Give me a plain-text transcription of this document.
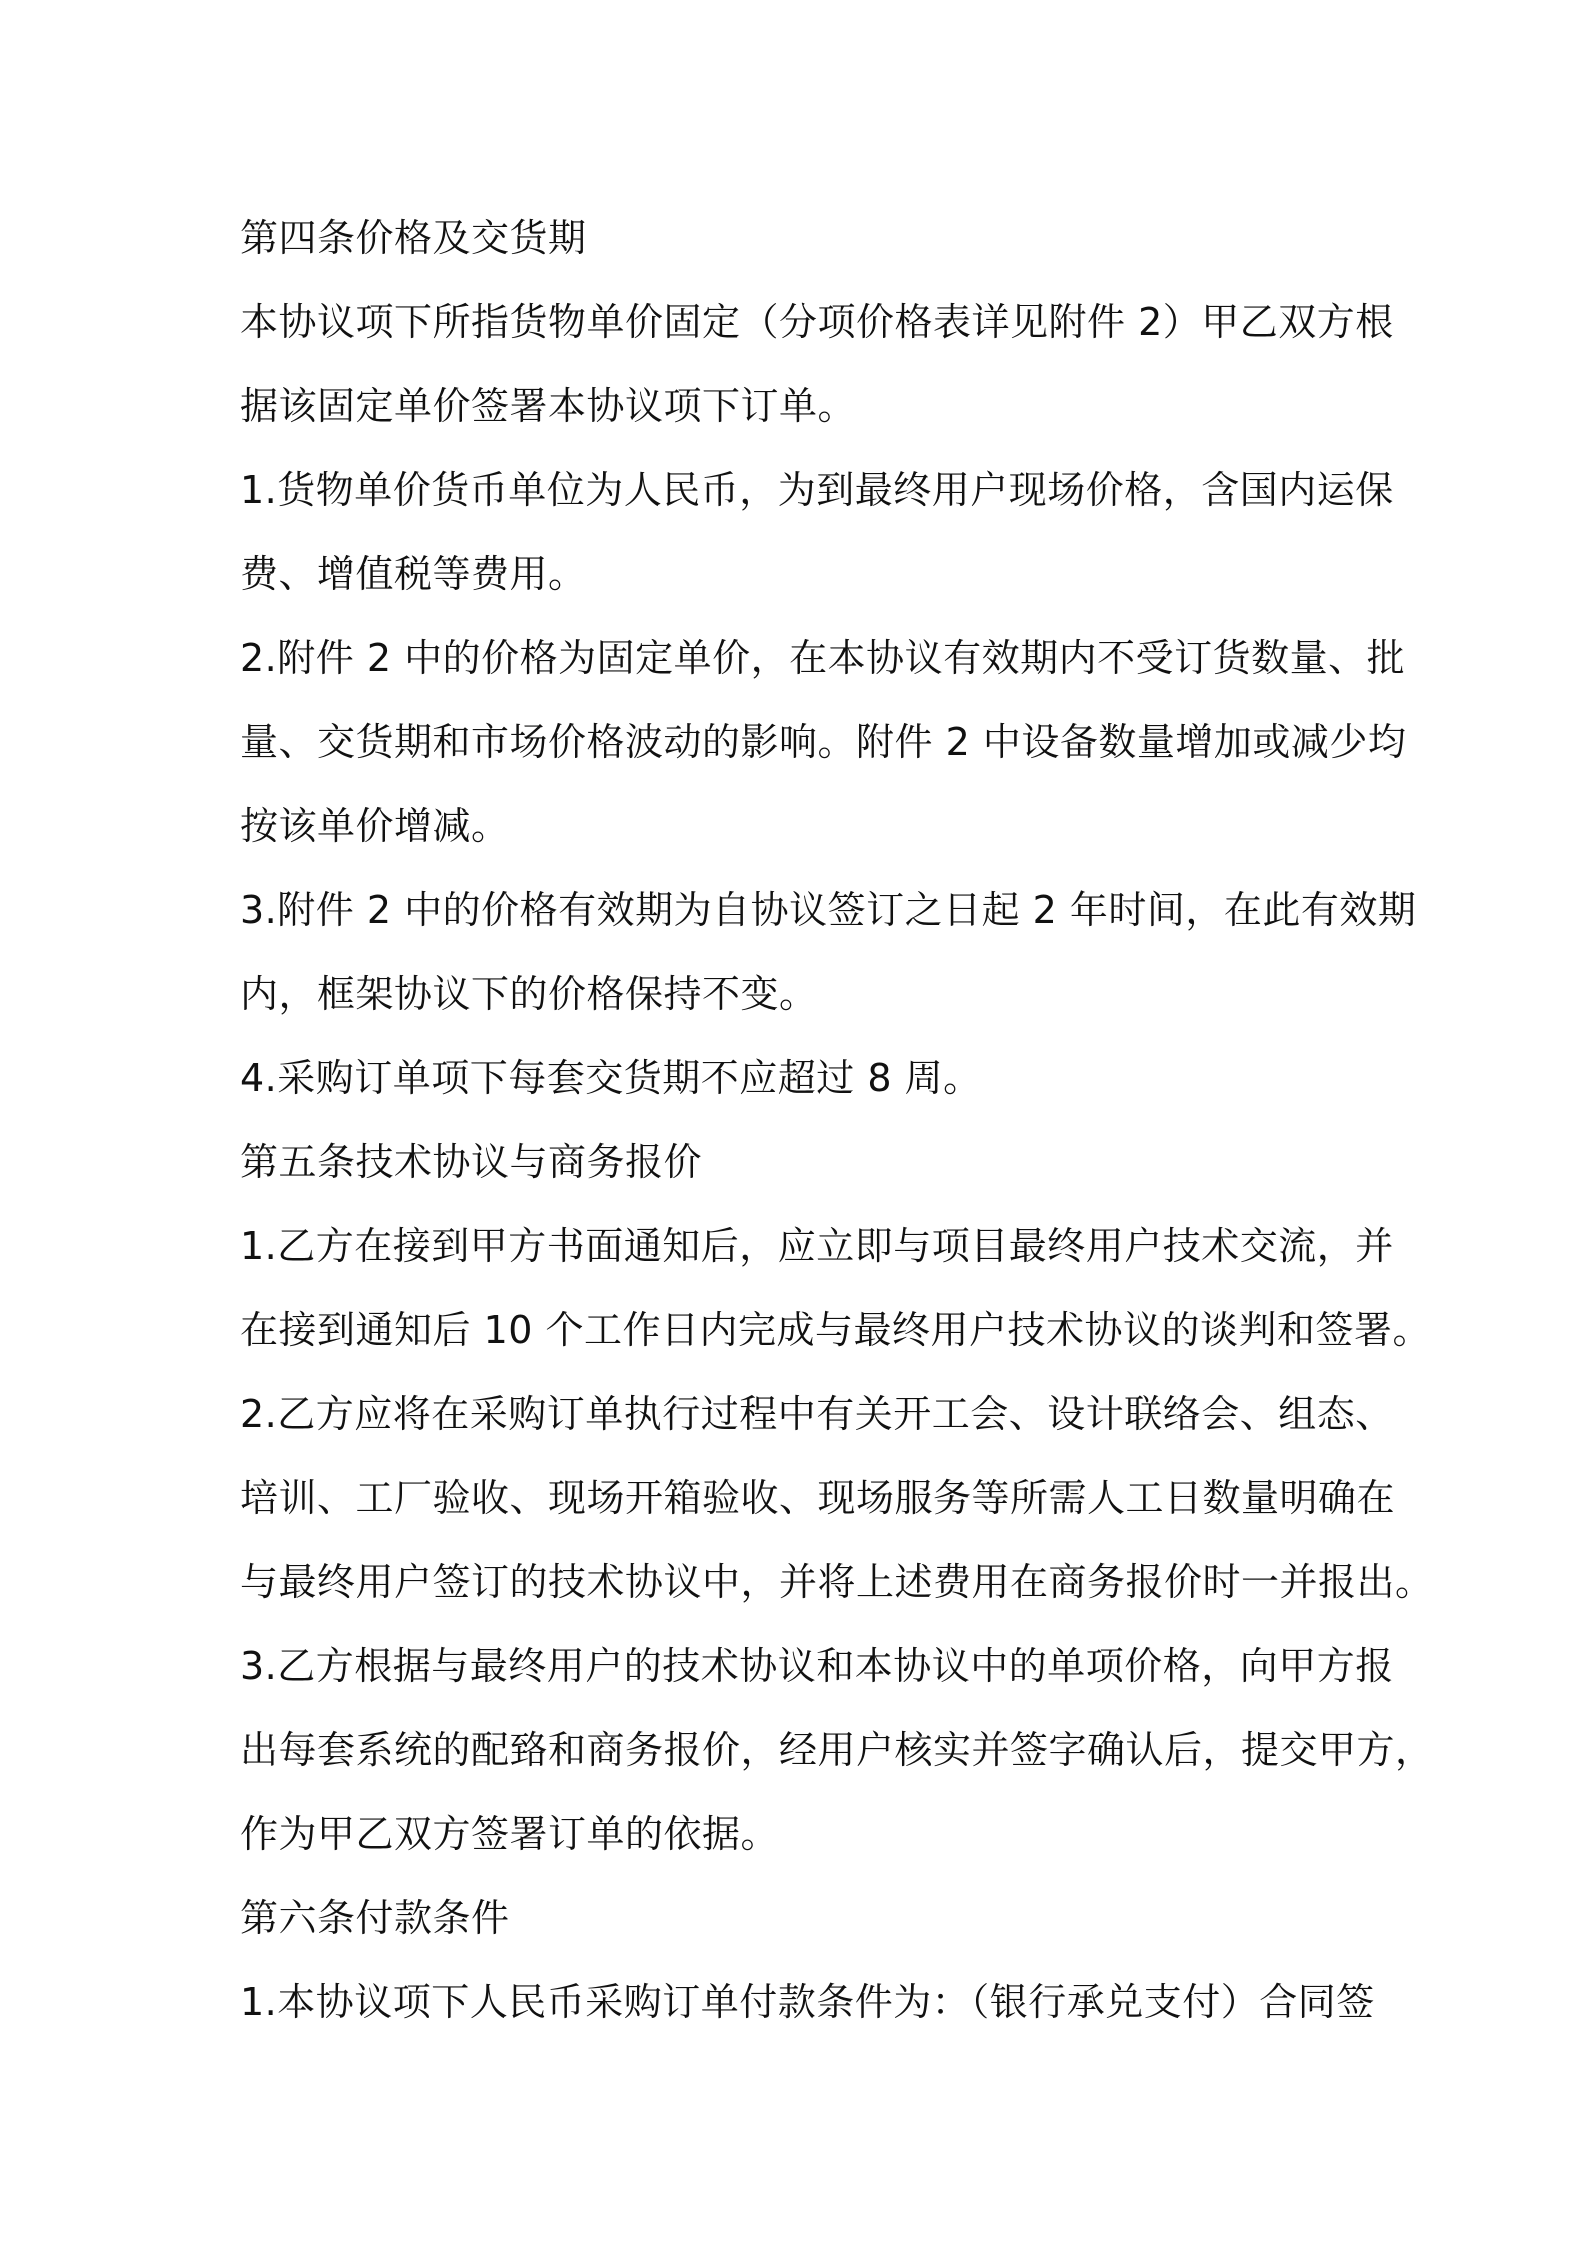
第四条价格及交货期
本协议项下所指货物单价固定（分项价格表详见附件 2）甲乙双方根
据该固定单价签署本协议项下订单。
1.货物单价货币单位为人民币，为到最终用户现场价格，含国内运保
费、增值税等费用。
2.附件 2 中的价格为固定单价，在本协议有效期内不受订货数量、批
量、交货期和市场价格波动的影响。附件 2 中设备数量增加或减少均
按该单价增减。
3.附件 2 中的价格有效期为自协议签订之日起 2 年时间，在此有效期
内，框架协议下的价格保持不变。
4.采购订单项下每套交货期不应超过 8 周。
第五条技术协议与商务报价
1.乙方在接到甲方书面通知后，应立即与项目最终用户技术交流，并
在接到通知后 10 个工作日内完成与最终用户技术协议的谈判和签署。
2.乙方应将在采购订单执行过程中有关开工会、设计联络会、组态、
培训、工厂验收、现场开箱验收、现场服务等所需人工日数量明确在
与最终用户签订的技术协议中，并将上述费用在商务报价时一并报出。
3.乙方根据与最终用户的技术协议和本协议中的单项价格，向甲方报
出每套系统的配臵和商务报价，经用户核实并签字确认后，提交甲方，
作为甲乙双方签署订单的依据。
第六条付款条件
1.本协议项下人民币采购订单付款条件为：（银行承兑支付）合同签
